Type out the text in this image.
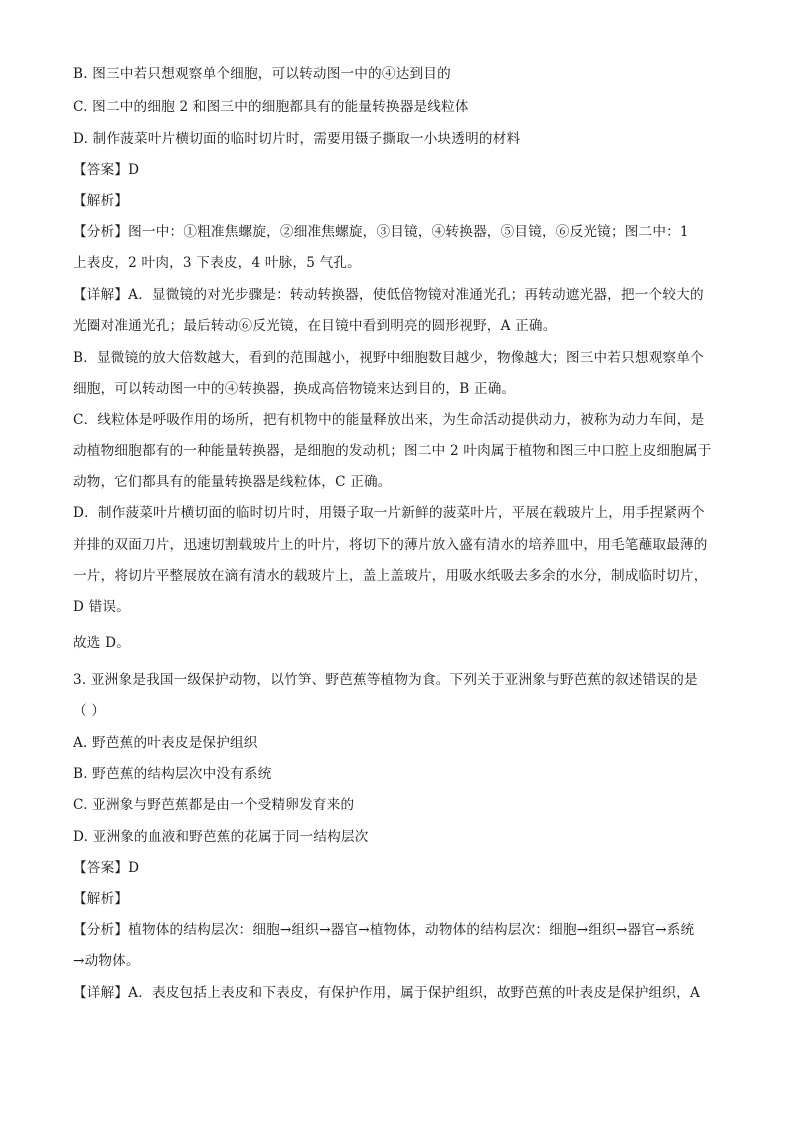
B. 图三中若只想观察单个细胞，可以转动图一中的④达到目的
C. 图二中的细胞 2 和图三中的细胞都具有的能量转换器是线粒体
D. 制作菠菜叶片横切面的临时切片时，需要用镊子撕取一小块透明的材料
【答案】D
【解析】
【分析】图一中：①粗准焦螺旋，②细准焦螺旋，③目镜，④转换器，⑤目镜，⑥反光镜；图二中：1
上表皮，2 叶肉，3 下表皮，4 叶脉，5 气孔。
【详解】A．显微镜的对光步骤是：转动转换器，使低倍物镜对准通光孔；再转动遮光器，把一个较大的
光圈对准通光孔；最后转动⑥反光镜，在目镜中看到明亮的圆形视野，A 正确。
B．显微镜的放大倍数越大，看到的范围越小，视野中细胞数目越少，物像越大；图三中若只想观察单个
细胞，可以转动图一中的④转换器，换成高倍物镜来达到目的，B 正确。
C．线粒体是呼吸作用的场所，把有机物中的能量释放出来，为生命活动提供动力，被称为动力车间，是
动植物细胞都有的一种能量转换器，是细胞的发动机；图二中 2 叶肉属于植物和图三中口腔上皮细胞属于
动物，它们都具有的能量转换器是线粒体，C 正确。
D．制作菠菜叶片横切面的临时切片时，用镊子取一片新鲜的菠菜叶片，平展在载玻片上，用手捏紧两个
并排的双面刀片，迅速切割载玻片上的叶片，将切下的薄片放入盛有清水的培养皿中，用毛笔蘸取最薄的
一片，将切片平整展放在滴有清水的载玻片上，盖上盖玻片，用吸水纸吸去多余的水分，制成临时切片，
D 错误。
故选 D。
3. 亚洲象是我国一级保护动物，以竹笋、野芭蕉等植物为食。下列关于亚洲象与野芭蕉的叙述错误的是
（ ）
A. 野芭蕉的叶表皮是保护组织
B. 野芭蕉的结构层次中没有系统
C. 亚洲象与野芭蕉都是由一个受精卵发育来的
D. 亚洲象的血液和野芭蕉的花属于同一结构层次
【答案】D
【解析】
【分析】植物体的结构层次：细胞→组织→器官→植物体，动物体的结构层次：细胞→组织→器官→系统
→动物体。
【详解】A．表皮包括上表皮和下表皮，有保护作用，属于保护组织，故野芭蕉的叶表皮是保护组织，A
